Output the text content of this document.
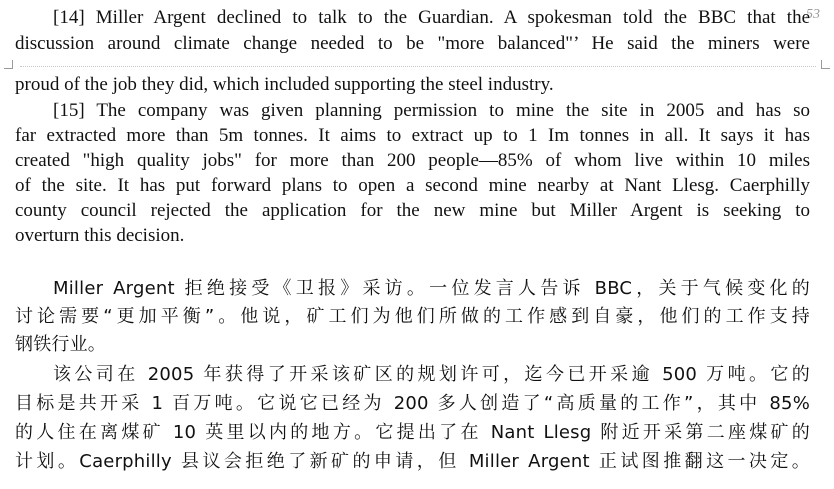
53
[14] Miller Argent declined to talk to the Guardian. A spokesman told the BBC that the
discussion around climate change needed to be "more balanced"’ He said the miners were
proud of the job they did, which included supporting the steel industry.
[15] The company was given planning permission to mine the site in 2005 and has so
far extracted more than 5m tonnes. It aims to extract up to 1 Im tonnes in all. It says it has
created "high quality jobs" for more than 200 people—85% of whom live within 10 miles
of the site. It has put forward plans to open a second mine nearby at Nant Llesg. Caerphilly
county council rejected the application for the new mine but Miller Argent is seeking to
overturn this decision.
Miller Argent 拒绝接受《卫报》采访。一位发言人告诉 BBC，关于气候变化的
讨论需要“更加平衡”。他说，矿工们为他们所做的工作感到自豪，他们的工作支持
钢铁行业。
该公司在 2005 年获得了开采该矿区的规划许可，迄今已开采逾 500 万吨。它的
目标是共开采 1 百万吨。它说它已经为 200 多人创造了“高质量的工作”，其中 85%
的人住在离煤矿 10 英里以内的地方。它提出了在 Nant Llesg 附近开采第二座煤矿的
计划。Caerphilly 县议会拒绝了新矿的申请，但 Miller Argent 正试图推翻这一决定。
